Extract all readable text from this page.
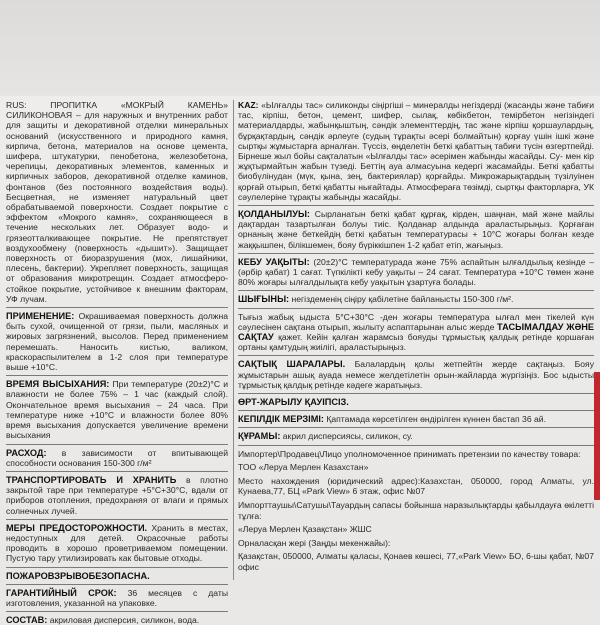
RUS: ПРОПИТКА «МОКРЫЙ КАМЕНЬ» СИЛИКОНОВАЯ – для наружных и внутренних работ для защиты и декоративной отделки минеральных оснований (искусственного и природного камня, кирпича, бетона, материалов на основе цемента, шифера, штукатурки, пенобетона, железобетона, черепицы, декоративных элементов, каменных и кирпичных заборов, декоративной отделке каминов, фонтанов (без постоянного воздействия воды). Бесцветная, не изменяет натуральный цвет обрабатываемой поверхности. Создает покрытие с эффектом «Мокрого камня», сохраняющееся в течение нескольких лет. Образует водо- и грязеотталкивающее покрытие. Не препятствует воздухообмену (поверхность «дышит»). Защищает поверхность от биоразрушения (мох, лишайники, плесень, бактерии). Укрепляет поверхность, защищая от образования микротрещин. Создает атмосферо-стойкое покрытие, устойчивое к внешним факторам, УФ лучам.

ПРИМЕНЕНИЕ: Окрашиваемая поверхность должна быть сухой, очищенной от грязи, пыли, масляных и жировых загрязнений, высолов. Перед применением перемешать. Наносить кистью, валиком, краскораспылителем в 1-2 слоя при температуре выше +10°С.

ВРЕМЯ ВЫСЫХАНИЯ: При температуре (20±2)°С и влажности не более 75% – 1 час (каждый слой). Окончательное время высыхания – 24 часа. При температуре ниже +10°С и влажности более 80% время высыхания допускается увеличение времени высыхания

РАСХОД: в зависимости от впитывающей способности основания 150-300 г/м²

ТРАНСПОРТИРОВАТЬ И ХРАНИТЬ в плотно закрытой таре при температуре +5°С+30°С, вдали от приборов отопления, предохраняя от влаги и прямых солнечных лучей.

МЕРЫ ПРЕДОСТОРОЖНОСТИ. Хранить в местах, недоступных для детей. Окрасочные работы проводить в хорошо проветриваемом помещении. Пустую тару утилизировать как бытовые отходы.

ПОЖАРОВЗРЫВОБЕЗОПАСНА.

ГАРАНТИЙНЫЙ СРОК: 36 месяцев с даты изготовления, указанной на упаковке.

СОСТАВ: акриловая дисперсия, силикон, вода.

KAZ: «Ылғалды тас» силиконды сіңіргіші – минералды негіздерді (жасанды және табиғи тас, кірпіш, бетон, цемент, шифер, сылақ, көбікбетон, темірбетон негізіндегі материалдарды, жабынқыштың, сәндік элементтердің, тас және кірпіш қоршаулардың, бұрқақтардың, сәндік әрлеуге (судың тұрақты әсері болмайтын) қорғау үшін ішкі және сыртқы жұмыстарға арналған. Түссіз, өңделетін беткі қабаттың табиғи түсін өзгертпейді. Бірнеше жыл бойы сақталатын «Ылғалды тас» әсерімен жабынды жасайды. Су- мен кір жұқтырмайтын жабын түзеді. Беттің ауа алмасуына кедергі жасамайды. Беткі қабатты биобүлінудан (мүк, қына, зең, бактериялар) қорғайды. Микрожарықтардың түзілуінен қорғай отырып, беткі қабатты нығайтады. Атмосфераға төзімді, сыртқы факторларға, УК сәулелеріне тұрақты жабынды жасайды.

ҚОЛДАНЫЛУЫ: Сырланатын беткі қабат құрғақ, кірден, шаңнан, май және майлы дақтардан тазартылған болуы тиіс. Қолданар алдында араластырыңыз. Қорғаған орнаның және беткейдің беткі қабатын температурасы + 10°C жоғары болған кезде жаққышпен, білікшемен, бояу бүріккішпен 1-2 қабат етіп, жағыңыз.

КЕБУ УАҚЫТЫ: (20±2)°С температурада және 75% аспайтын ылғалдылық кезінде – (әрбір қабат) 1 сағат. Түпкілікті кебу уақыты – 24 сағат. Температура +10°C төмен және 80% жоғары ылғалдылықта кебу уақытын ұзартуға болады.

ШЫҒЫНЫ: негіздеменің сіңіру қабілетіне байланысты 150-300 г/м².

Тығыз жабық ыдыста 5°C+30°C -ден жоғары температура ылғал мен тікелей күн сәулесінен сақтана отырып, жылыту аспаптарынан алыс жерде ТАСЫМАЛДАУ ЖӘНЕ САҚТАУ қажет. Кейін қалған жарамсыз бояуды тұрмыстық қалдық ретінде қоршаған ортаны қамтудың жиілігі, араластырыңыз.

САҚТЫҚ ШАРАЛАРЫ. Балалардың қолы жетпейтін жерде сақтаңыз. Бояу жұмыстарын ашық ауада немесе желдетілетін орын-жайларда жүргізіңіз. Бос ыдысты тұрмыстық қалдық ретінде кәдеге жаратыңыз.

ӨРТ-ЖАРЫЛУ ҚАУІПСІЗ.

КЕПІЛДІК МЕРЗІМІ: Қаптамада көрсетілген өндірілген күннен бастап 36 ай.

ҚҰРАМЫ: акрил дисперсиясы, силикон, су.

Импортер\Продавец\Лицо уполномоченное принимать претензии по качеству товара:

ТОО «Леруа Мерлен Казахстан»

Место нахождения (юридический адрес):Казахстан, 050000, город Алматы, ул. Кунаева,77, БЦ «Park View» 6 этаж, офис №07

Импорттаушы\Сатушы\Тауардың сапасы бойынша наразылықтарды қабылдауға өкілетті тұлға:

«Леруа Мерлен Қазақстан» ЖШС

Орналасқан жері (Заңды мекенжайы):

Қазақстан, 050000, Алматы қаласы, Қонаев көшесі, 77,«Park View» БО, 6-шы қабат, №07 офис
